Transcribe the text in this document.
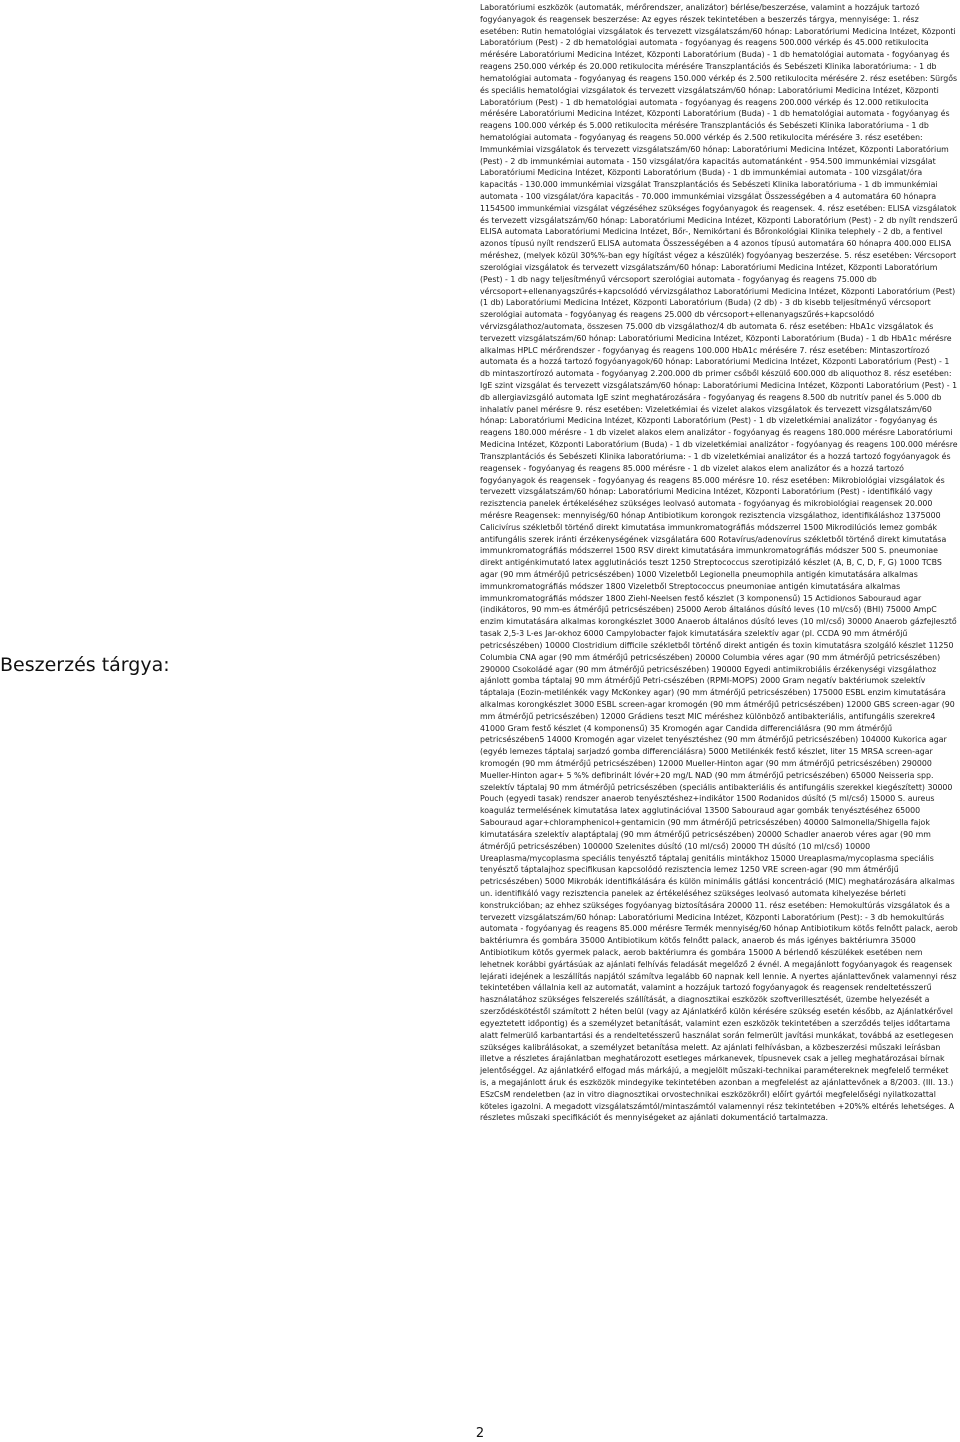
Beszerzés tárgya:
Laboratóriumi eszközök (automaták, mérőrendszer, analizátor) bérlése/beszerzése, valamint a hozzájuk tartozó fogyóanyagok és reagensek beszerzése: Az egyes részek tekintetében a beszerzés tárgya, mennyisége: 1. rész esetében: Rutin hematológiai vizsgálatok és tervezett vizsgálatszám/60 hónap: Laboratóriumi Medicina Intézet, Központi Laboratórium (Pest) - 2 db hematológiai automata - fogyóanyag és reagens 500.000 vérkép és 45.000 retikulocita mérésére Laboratóriumi Medicina Intézet, Központi Laboratórium (Buda) - 1 db hematológiai automata - fogyóanyag és reagens 250.000 vérkép és 20.000 retikulocita mérésére Transzplantációs és Sebészeti Klinika laboratóriuma: - 1 db hematológiai automata - fogyóanyag és reagens 150.000 vérkép és 2.500 retikulocita mérésére 2. rész esetében: Sürgős és speciális hematológiai vizsgálatok és tervezett vizsgálatszám/60 hónap: Laboratóriumi Medicina Intézet, Központi Laboratórium (Pest) - 1 db hematológiai automata - fogyóanyag és reagens 200.000 vérkép és 12.000 retikulocita mérésére Laboratóriumi Medicina Intézet, Központi Laboratórium (Buda) - 1 db hematológiai automata - fogyóanyag és reagens 100.000 vérkép és 5.000 retikulocita mérésére Transzplantációs és Sebészeti Klinika laboratóriuma - 1 db hematológiai automata - fogyóanyag és reagens 50.000 vérkép és 2.500 retikulocita mérésére 3. rész esetében: Immunkémiai vizsgálatok és tervezett vizsgálatszám/60 hónap: Laboratóriumi Medicina Intézet, Központi Laboratórium (Pest) - 2 db immunkémiai automata - 150 vizsgálat/óra kapacitás automatánként - 954.500 immunkémiai vizsgálat Laboratóriumi Medicina Intézet, Központi Laboratórium (Buda) - 1 db immunkémiai automata - 100 vizsgálat/óra kapacitás - 130.000 immunkémiai vizsgálat Transzplantációs és Sebészeti Klinika laboratóriuma - 1 db immunkémiai automata - 100 vizsgálat/óra kapacitás - 70.000 immunkémiai vizsgálat Összességében a 4 automatára 60 hónapra 1154500 immunkémiai vizsgálat végzéséhez szükséges fogyóanyagok és reagensek. 4. rész esetében: ELISA vizsgálatok és tervezett vizsgálatszám/60 hónap: Laboratóriumi Medicina Intézet, Központi Laboratórium (Pest) - 2 db nyílt rendszerű ELISA automata Laboratóriumi Medicina Intézet, Bőr-, Nemikórtani és Bőronkológiai Klinika telephely - 2 db, a fentivel azonos típusú nyílt rendszerű ELISA automata Összességében a 4 azonos típusú automatára 60 hónapra 400.000 ELISA méréshez, (melyek közül 30%%-ban egy hígítást végez a készülék) fogyóanyag beszerzése. 5. rész esetében: Vércsoport szerológiai vizsgálatok és tervezett vizsgálatszám/60 hónap: Laboratóriumi Medicina Intézet, Központi Laboratórium (Pest) - 1 db nagy teljesítményű vércsoport szerológiai automata - fogyóanyag és reagens 75.000 db vércsoport+ellenanyagszűrés+kapcsolódó vérvizsgálathoz Laboratóriumi Medicina Intézet, Központi Laboratórium (Pest) (1 db) Laboratóriumi Medicina Intézet, Központi Laboratórium (Buda) (2 db) - 3 db kisebb teljesítményű vércsoport szerológiai automata - fogyóanyag és reagens 25.000 db vércsoport+ellenanyagszűrés+kapcsolódó vérvizsgálathoz/automata, összesen 75.000 db vizsgálathoz/4 db automata 6. rész esetében: HbA1c vizsgálatok és tervezett vizsgálatszám/60 hónap: Laboratóriumi Medicina Intézet, Központi Laboratórium (Buda) - 1 db HbA1c mérésre alkalmas HPLC mérőrendszer - fogyóanyag és reagens 100.000 HbA1c mérésére 7. rész esetében: Mintaszortírozó automata és a hozzá tartozó fogyóanyagok/60 hónap: Laboratóriumi Medicina Intézet, Központi Laboratórium (Pest) - 1 db mintaszortírozó automata - fogyóanyag 2.200.000 db primer csőből készülő 600.000 db aliquothoz 8. rész esetében: IgE szint vizsgálat és tervezett vizsgálatszám/60 hónap: Laboratóriumi Medicina Intézet, Központi Laboratórium (Pest) - 1 db allergiavizsgáló automata IgE szint meghatározására - fogyóanyag és reagens 8.500 db nutritív panel és 5.000 db inhalatív panel mérésre 9. rész esetében: Vizeletkémiai és vizelet alakos vizsgálatok és tervezett vizsgálatszám/60 hónap: Laboratóriumi Medicina Intézet, Központi Laboratórium (Pest) - 1 db vizeletkémiai analizátor - fogyóanyag és reagens 180.000 mérésre - 1 db vizelet alakos elem analizátor - fogyóanyag és reagens 180.000 mérésre Laboratóriumi Medicina Intézet, Központi Laboratórium (Buda) - 1 db vizeletkémiai analizátor - fogyóanyag és reagens 100.000 mérésre Transzplantációs és Sebészeti Klinika laboratóriuma: - 1 db vizeletkémiai analizátor és a hozzá tartozó fogyóanyagok és reagensek - fogyóanyag és reagens 85.000 mérésre - 1 db vizelet alakos elem analizátor és a hozzá tartozó fogyóanyagok és reagensek - fogyóanyag és reagens 85.000 mérésre 10. rész esetében: Mikrobiológiai vizsgálatok és tervezett vizsgálatszám/60 hónap: Laboratóriumi Medicina Intézet, Központi Laboratórium (Pest) - identifikáló vagy rezisztencia panelek értékeléséhez szükséges leolvasó automata - fogyóanyag és mikrobiológiai reagensek 20.000 mérésre Reagensek: mennyiség/60 hónap Antibiotikum korongok rezisztencia vizsgálathoz, identifikáláshoz 1375000 Calicivírus székletből történő direkt kimutatása immunkromatográfiás módszerrel 1500 Mikrodilúciós lemez gombák antifungális szerek iránti érzékenységének vizsgálatára 600 Rotavírus/adenovírus székletből történő direkt kimutatása immunkromatográfiás módszerrel 1500 RSV direkt kimutatására immunkromatográfiás módszer 500 S. pneumoniae direkt antigénkimutató latex agglutinációs teszt 1250 Streptococcus szerotipizáló készlet (A, B, C, D, F, G) 1000 TCBS agar (90 mm átmérőjű petricsészében) 1000 Vizeletből Legionella pneumophila antigén kimutatására alkalmas immunkromatográfiás módszer 1800 Vizeletből Streptococcus pneumoniae antigén kimutatására alkalmas immunkromatográfiás módszer 1800 Ziehl-Neelsen festő készlet (3 komponensű) 15 Actidionos Sabouraud agar (indikátoros, 90 mm-es átmérőjű petricsészében) 25000 Aerob általános dúsító leves (10 ml/cső) (BHI) 75000 AmpC enzim kimutatására alkalmas korongkészlet 3000 Anaerob általános dúsító leves (10 ml/cső) 30000 Anaerob gázfejlesztő tasak 2,5-3 L-es Jar-okhoz 6000 Campylobacter fajok kimutatására szelektív agar (pl. CCDA 90 mm átmérőjű petricsészében) 10000 Clostridium difficile székletből történő direkt antigén és toxin kimutatásra szolgáló készlet 11250 Columbia CNA agar (90 mm átmérőjű petricsészében) 20000 Columbia véres agar (90 mm átmérőjű petricsészében) 290000 Csokoládé agar (90 mm átmérőjű petricsészében) 190000 Egyedi antimikrobiális érzékenységi vizsgálathoz ajánlott gomba táptalaj 90 mm átmérőjű Petri-csészében (RPMI-MOPS) 2000 Gram negatív baktériumok szelektív táptalaja (Eozin-metilénkék vagy McKonkey agar) (90 mm átmérőjű petricsészében) 175000 ESBL enzim kimutatására alkalmas korongkészlet 3000 ESBL screen-agar kromogén (90 mm átmérőjű petricsészében) 12000 GBS screen-agar (90 mm átmérőjű petricsészében) 12000 Grádiens teszt MIC méréshez különböző antibakteriális, antifungális szerekre4 41000 Gram festő készlet (4 komponensű) 35 Kromogén agar Candida differenciálásra (90 mm átmérőjű petricsészében5 14000 Kromogén agar vizelet tenyésztéshez (90 mm átmérőjű petricsészében) 104000 Kukorica agar (egyéb lemezes táptalaj sarjadzó gomba differenciálásra) 5000 Metilénkék festő készlet, liter 15 MRSA screen-agar kromogén (90 mm átmérőjű petricsészében) 12000 Mueller-Hinton agar (90 mm átmérőjű petricsészében) 290000 Mueller-Hinton agar+ 5 %% defibrinált lóvér+20 mg/L NAD (90 mm átmérőjű petricsészében) 65000 Neisseria spp. szelektív táptalaj 90 mm átmérőjű petricsészében (speciális antibakteriális és antifungális szerekkel kiegészített) 30000 Pouch (egyedi tasak) rendszer anaerob tenyésztéshez+indikátor 1500 Rodanidos dúsító (5 ml/cső) 15000 S. aureus koaguláz termelésének kimutatása latex agglutinációval 13500 Sabouraud agar gombák tenyésztéséhez 65000 Sabouraud agar+chloramphenicol+gentamicin (90 mm átmérőjű petricsészében) 40000 Salmonella/Shigella fajok kimutatására szelektív alaptáptalaj (90 mm átmérőjű petricsészében) 20000 Schadler anaerob véres agar (90 mm átmérőjű petricsészében) 100000 Szelenites dúsító (10 ml/cső) 20000 TH dúsító (10 ml/cső) 10000 Ureaplasma/mycoplasma speciális tenyésztő táptalaj genitális mintákhoz 15000 Ureaplasma/mycoplasma speciális tenyésztő táptalajhoz specifikusan kapcsolódó rezisztencia lemez 1250 VRE screen-agar (90 mm átmérőjű petricsészében) 5000 Mikrobák identifikálására és külön minimális gátlási koncentráció (MIC) meghatározására alkalmas un. identifikáló vagy rezisztencia panelek az értékeléséhez szükséges leolvasó automata kihelyezése bérleti konstrukcióban; az ehhez szükséges fogyóanyag biztosítására 20000 11. rész esetében: Hemokultúrás vizsgálatok és a tervezett vizsgálatszám/60 hónap: Laboratóriumi Medicina Intézet, Központi Laboratórium (Pest): - 3 db hemokultúrás automata - fogyóanyag és reagens 85.000 mérésre Termék mennyiség/60 hónap Antibiotikum kötős felnőtt palack, aerob baktériumra és gombára 35000 Antibiotikum kötős felnőtt palack, anaerob és más igényes baktériumra 35000 Antibiotikum kötős gyermek palack, aerob baktériumra és gombára 15000 A bérlendő készülékek esetében nem lehetnek korábbi gyártásúak az ajánlati felhívás feladását megelőző 2 évnél. A megajánlott fogyóanyagok és reagensek lejárati idejének a leszállítás napjától számítva legalább 60 napnak kell lennie. A nyertes ajánlattevőnek valamennyi rész tekintetében vállalnia kell az automatát, valamint a hozzájuk tartozó fogyóanyagok és reagensek rendeltetésszerű használatához szükséges felszerelés szállítását, a diagnosztikai eszközök szoftverillesztését, üzembe helyezését a szerződéskötéstől számított 2 héten belül (vagy az Ajánlatkérő külön kérésére szükség esetén később, az Ajánlatkérővel egyeztetett időpontig) és a személyzet betanítását, valamint ezen eszközök tekintetében a szerződés teljes időtartama alatt felmerülő karbantartási és a rendeltetésszerű használat során felmerült javítási munkákat, továbbá az esetlegesen szükséges kalibrálásokat, a személyzet betanítása melett. Az ajánlati felhívásban, a közbeszerzési műszaki leírásban illetve a részletes árajánlatban meghatározott esetleges márkanevek, típusnevek csak a jelleg meghatározásai bírnak jelentőséggel. Az ajánlatkérő elfogad más márkájú, a megjelölt műszaki-technikai paramétereknek megfelelő terméket is, a megajánlott áruk és eszközök mindegyike tekintetében azonban a megfelelést az ajánlattevőnek a 8/2003. (III. 13.) ESzCsM rendeletben (az in vitro diagnosztikai orvostechnikai eszközökről) előírt gyártói megfelelőségi nyilatkozattal köteles igazolni. A megadott vizsgálatszámtól/mintaszámtól valamennyi rész tekintetében +20%% eltérés lehetséges. A részletes műszaki specifikációt és mennyiségeket az ajánlati dokumentáció tartalmazza.
2
